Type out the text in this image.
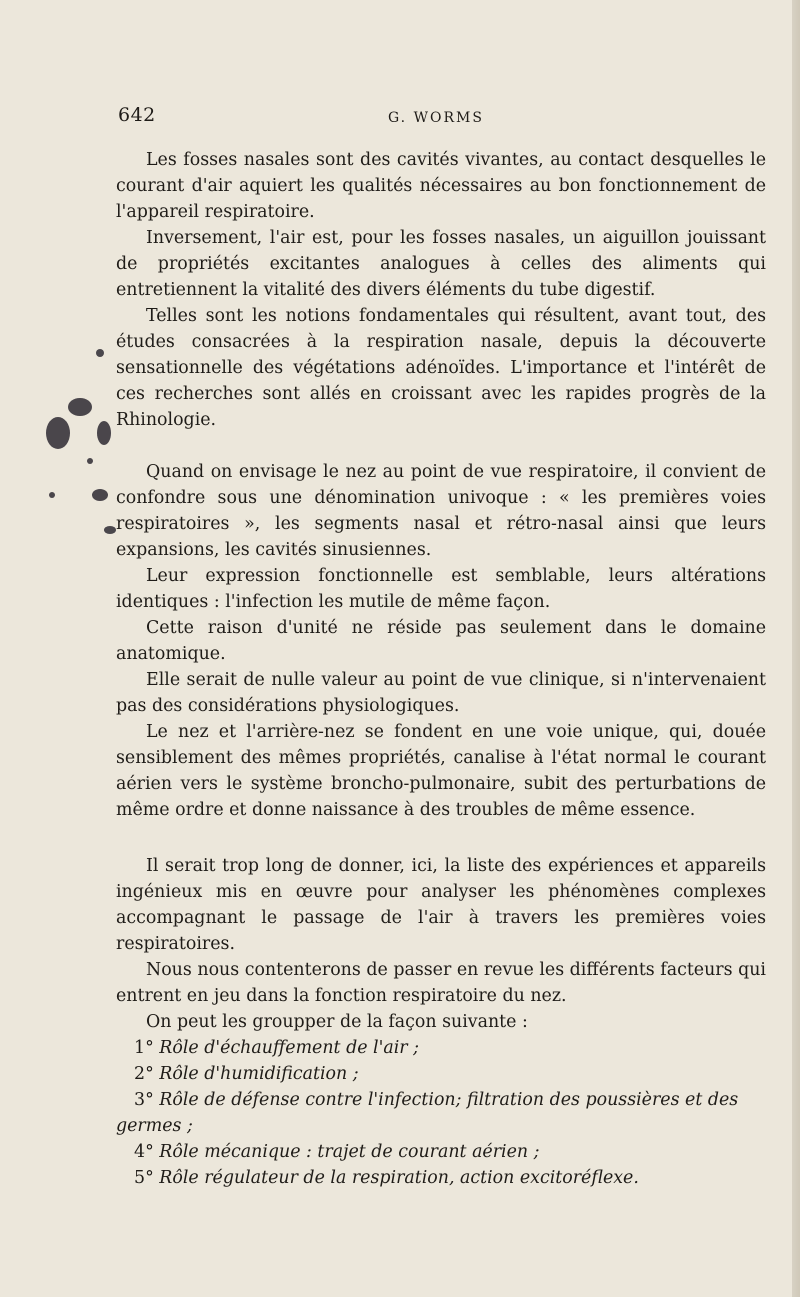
642	G. WORMS

Les fosses nasales sont des cavités vivantes, au contact desquelles le courant d'air aquiert les qualités nécessaires au bon fonctionnement de l'appareil respiratoire.

Inversement, l'air est, pour les fosses nasales, un aiguillon jouissant de propriétés excitantes analogues à celles des aliments qui entretiennent la vitalité des divers éléments du tube digestif.

Telles sont les notions fondamentales qui résultent, avant tout, des études consacrées à la respiration nasale, depuis la découverte sensationnelle des végétations adénoïdes. L'importance et l'intérêt de ces recherches sont allés en croissant avec les rapides progrès de la Rhinologie.

Quand on envisage le nez au point de vue respiratoire, il convient de confondre sous une dénomination univoque : « les premières voies respiratoires », les segments nasal et rétro-nasal ainsi que leurs expansions, les cavités sinusiennes.

Leur expression fonctionnelle est semblable, leurs altérations identiques : l'infection les mutile de même façon.

Cette raison d'unité ne réside pas seulement dans le domaine anatomique.

Elle serait de nulle valeur au point de vue clinique, si n'intervenaient pas des considérations physiologiques.

Le nez et l'arrière-nez se fondent en une voie unique, qui, douée sensiblement des mêmes propriétés, canalise à l'état normal le courant aérien vers le système broncho-pulmonaire, subit des perturbations de même ordre et donne naissance à des troubles de même essence.

Il serait trop long de donner, ici, la liste des expériences et appareils ingénieux mis en œuvre pour analyser les phénomènes complexes accompagnant le passage de l'air à travers les premières voies respiratoires.

Nous nous contenterons de passer en revue les différents facteurs qui entrent en jeu dans la fonction respiratoire du nez.

On peut les groupper de la façon suivante :

1° Rôle d'échauffement de l'air ;
2° Rôle d'humidification ;
3° Rôle de défense contre l'infection; filtration des poussières et des germes ;
4° Rôle mécanique : trajet de courant aérien ;
5° Rôle régulateur de la respiration, action excitoréflexe.
